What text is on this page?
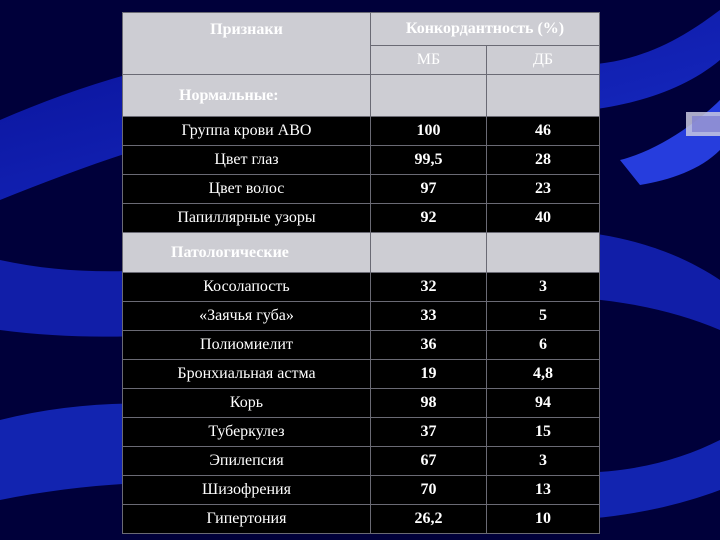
Признаки	Конкордантность (%)	
	МБ	ДБ
Нормальные:		
Группа крови АВО	100	46
Цвет глаз	99,5	28
Цвет волос	97	23
Папиллярные узоры	92	40
Патологические		
Косолапость	32	3
«Заячья губа»	33	5
Полиомиелит	36	6
Бронхиальная астма	19	4,8
Корь	98	94
Туберкулез	37	15
Эпилепсия	67	3
Шизофрения	70	13
Гипертония	26,2	10
